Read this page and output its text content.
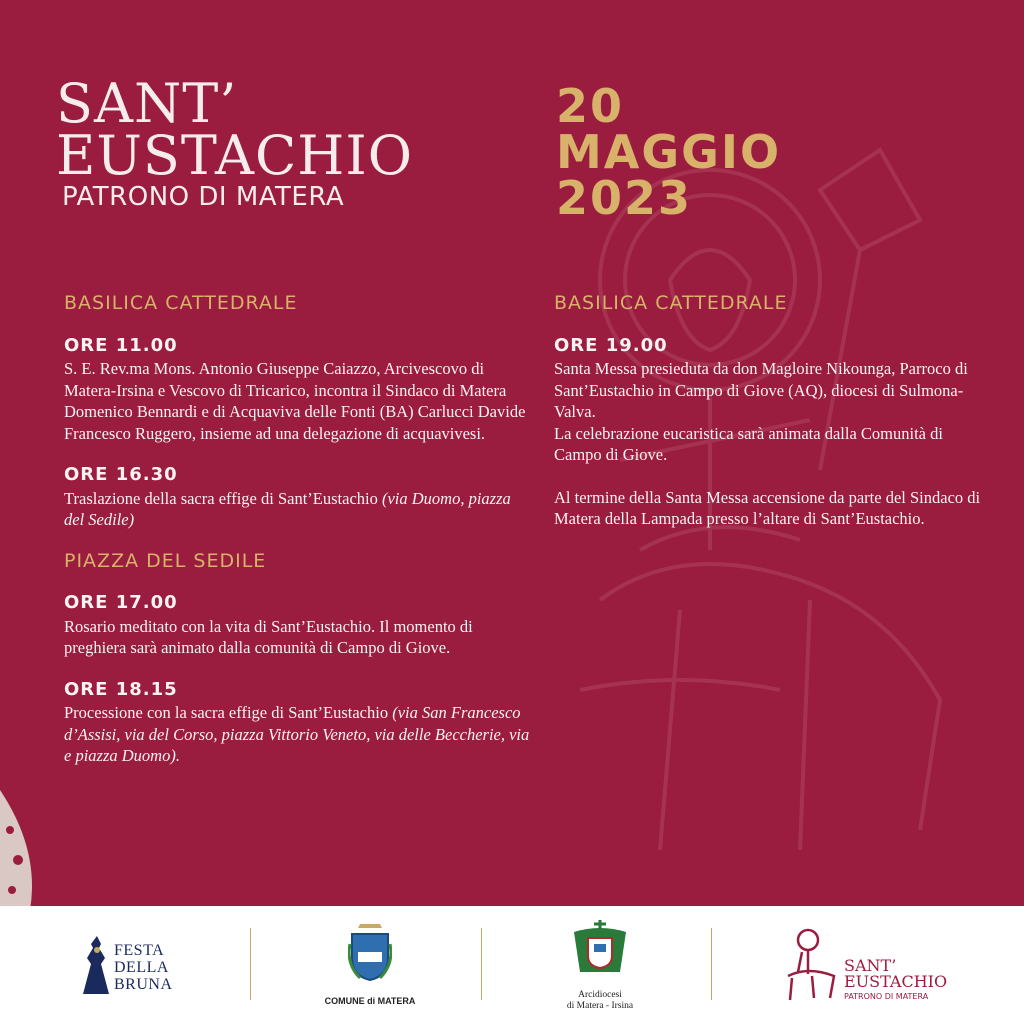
SANT’
EUSTACHIO
PATRONO DI MATERA
20
MAGGIO
2023
BASILICA CATTEDRALE
ORE 11.00
S. E. Rev.ma Mons. Antonio Giuseppe Caiazzo, Arcivescovo di Matera-Irsina e Vescovo di Tricarico, incontra il Sindaco di Matera Domenico Bennardi e di Acquaviva delle Fonti (BA) Carlucci Davide Francesco Ruggero, insieme ad una delegazione di acquavivesi.
ORE 16.30
Traslazione della sacra effige di Sant’Eustachio (via Duomo, piazza del Sedile)
PIAZZA DEL SEDILE
ORE 17.00
Rosario meditato con la vita di Sant’Eustachio. Il momento di preghiera sarà animato dalla comunità di Campo di Giove.
ORE 18.15
Processione con la sacra effige di Sant’Eustachio (via San Francesco d’Assisi, via del Corso, piazza Vittorio Veneto, via delle Beccherie, via e piazza Duomo).
BASILICA CATTEDRALE
ORE 19.00
Santa Messa presieduta da don Magloire Nikounga, Parroco di Sant’Eustachio in Campo di Giove (AQ), diocesi di Sulmona-Valva.
La celebrazione eucaristica sarà animata dalla Comunità di Campo di Giove.
Al termine della Santa Messa accensione da parte del Sindaco di Matera della Lampada presso l’altare di Sant’Eustachio.
FESTA
DELLA
BRUNA
COMUNE di MATERA
Arcidiocesi
di Matera - Irsina
SANT’
EUSTACHIO
PATRONO DI MATERA
